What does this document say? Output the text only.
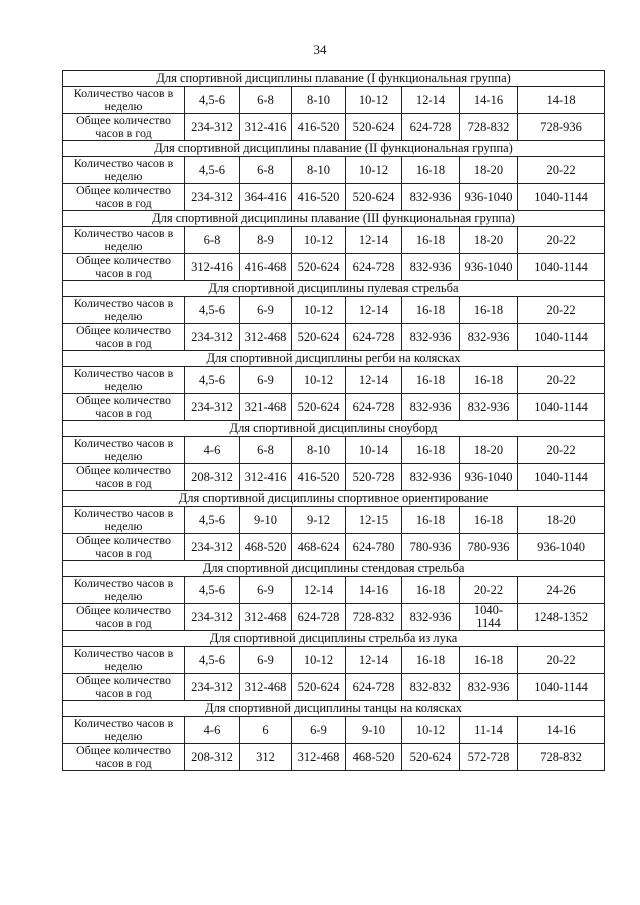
34
Для спортивной дисциплины плавание (I функциональная группа)							
Количество часов в неделю	4,5-6	6-8	8-10	10-12	12-14	14-16	14-18
Общее количество часов в год	234-312	312-416	416-520	520-624	624-728	728-832	728-936
Для спортивной дисциплины плавание (II функциональная группа)							
Количество часов в неделю	4,5-6	6-8	8-10	10-12	16-18	18-20	20-22
Общее количество часов в год	234-312	364-416	416-520	520-624	832-936	936-1040	1040-1144
Для спортивной дисциплины плавание (III функциональная группа)							
Количество часов в неделю	6-8	8-9	10-12	12-14	16-18	18-20	20-22
Общее количество часов в год	312-416	416-468	520-624	624-728	832-936	936-1040	1040-1144
Для спортивной дисциплины пулевая стрельба							
Количество часов в неделю	4,5-6	6-9	10-12	12-14	16-18	16-18	20-22
Общее количество часов в год	234-312	312-468	520-624	624-728	832-936	832-936	1040-1144
Для спортивной дисциплины регби на колясках							
Количество часов в неделю	4,5-6	6-9	10-12	12-14	16-18	16-18	20-22
Общее количество часов в год	234-312	321-468	520-624	624-728	832-936	832-936	1040-1144
Для спортивной дисциплины сноуборд							
Количество часов в неделю	4-6	6-8	8-10	10-14	16-18	18-20	20-22
Общее количество часов в год	208-312	312-416	416-520	520-728	832-936	936-1040	1040-1144
Для спортивной дисциплины спортивное ориентирование							
Количество часов в неделю	4,5-6	9-10	9-12	12-15	16-18	16-18	18-20
Общее количество часов в год	234-312	468-520	468-624	624-780	780-936	780-936	936-1040
Для спортивной дисциплины стендовая стрельба							
Количество часов в неделю	4,5-6	6-9	12-14	14-16	16-18	20-22	24-26
Общее количество часов в год	234-312	312-468	624-728	728-832	832-936	1040-1144	1248-1352
Для спортивной дисциплины стрельба из лука							
Количество часов в неделю	4,5-6	6-9	10-12	12-14	16-18	16-18	20-22
Общее количество часов в год	234-312	312-468	520-624	624-728	832-832	832-936	1040-1144
Для спортивной дисциплины танцы на колясках							
Количество часов в неделю	4-6	6	6-9	9-10	10-12	11-14	14-16
Общее количество часов в год	208-312	312	312-468	468-520	520-624	572-728	728-832
